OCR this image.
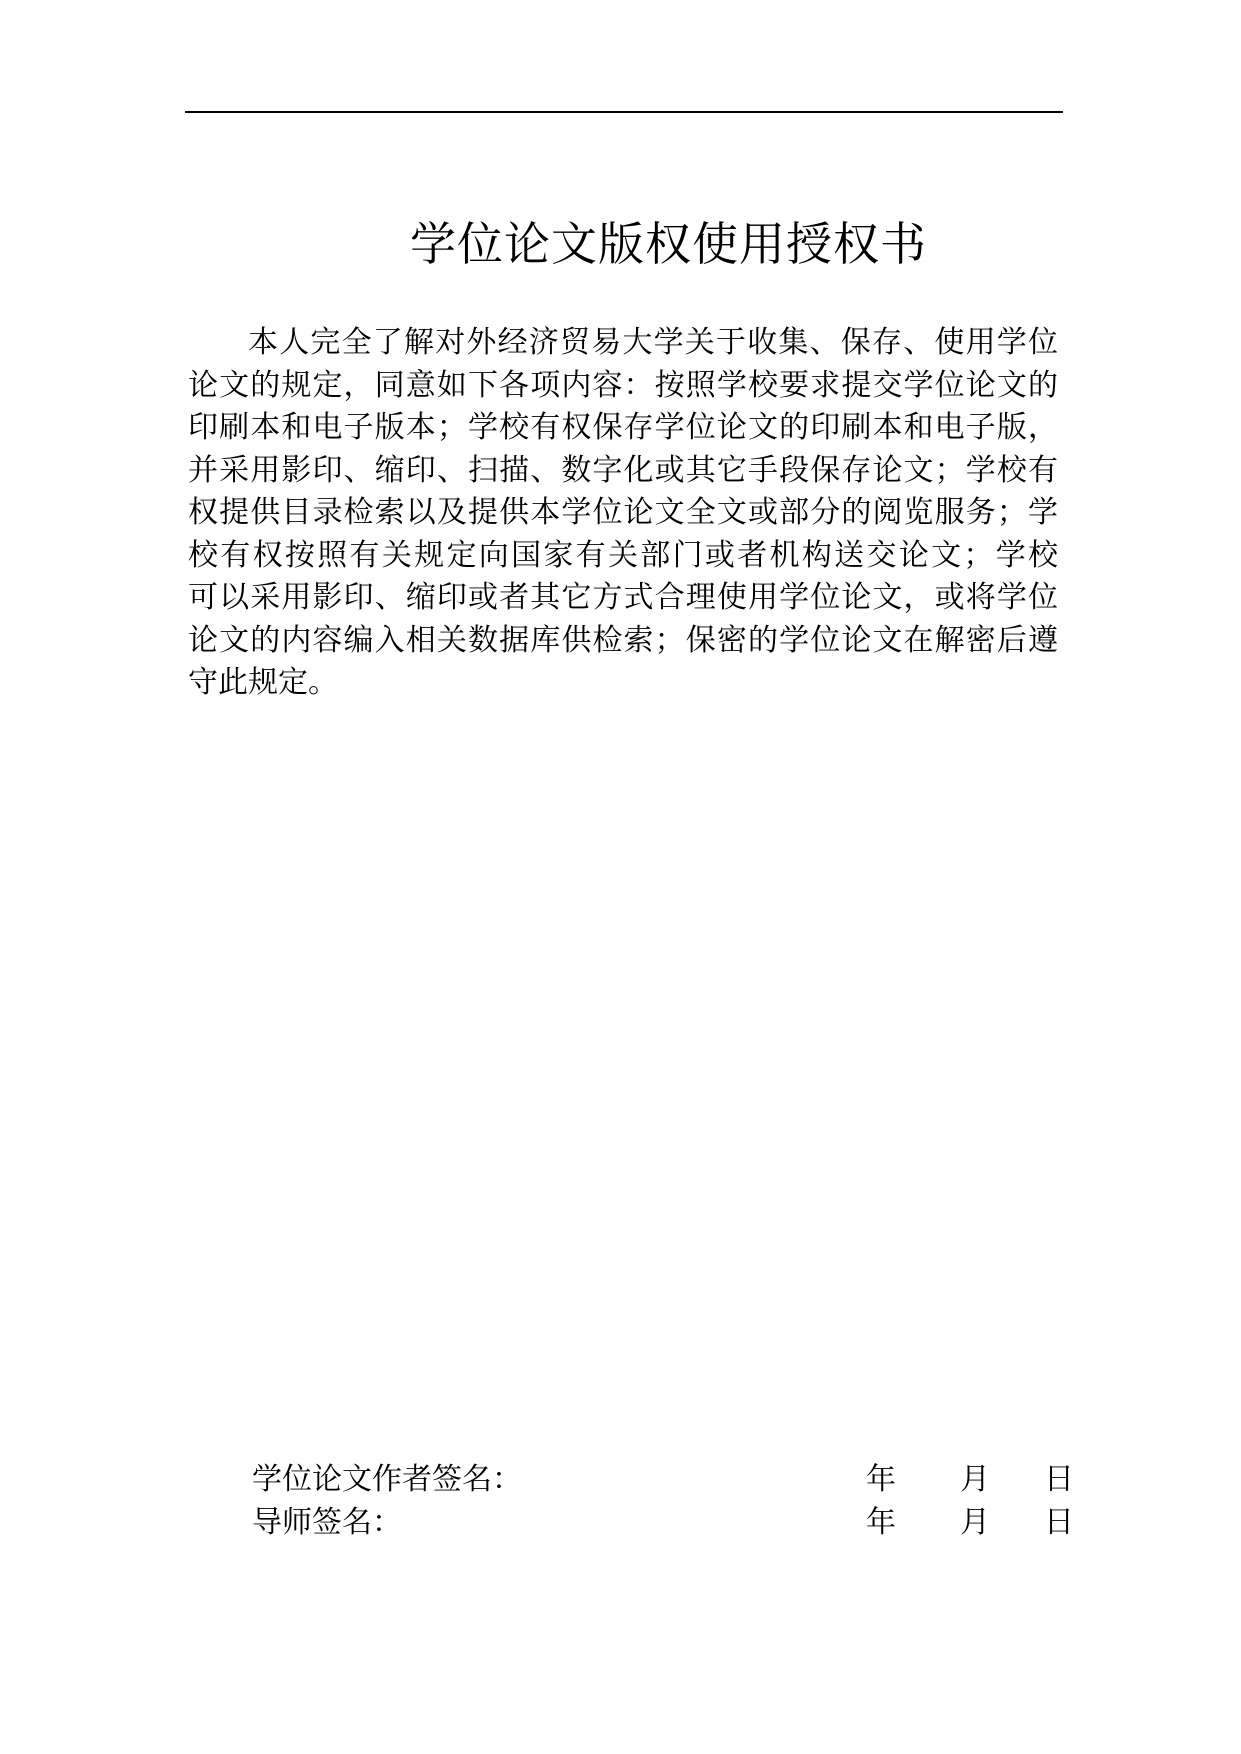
学位论文版权使用授权书
本人完全了解对外经济贸易大学关于收集、保存、使用学位
论文的规定，同意如下各项内容：按照学校要求提交学位论文的
印刷本和电子版本；学校有权保存学位论文的印刷本和电子版，
并采用影印、缩印、扫描、数字化或其它手段保存论文；学校有
权提供目录检索以及提供本学位论文全文或部分的阅览服务；学
校有权按照有关规定向国家有关部门或者机构送交论文；学校
可以采用影印、缩印或者其它方式合理使用学位论文，或将学位
论文的内容编入相关数据库供检索；保密的学位论文在解密后遵
守此规定。
学位论文作者签名：	年 月 日
导师签名：	年 月 日
